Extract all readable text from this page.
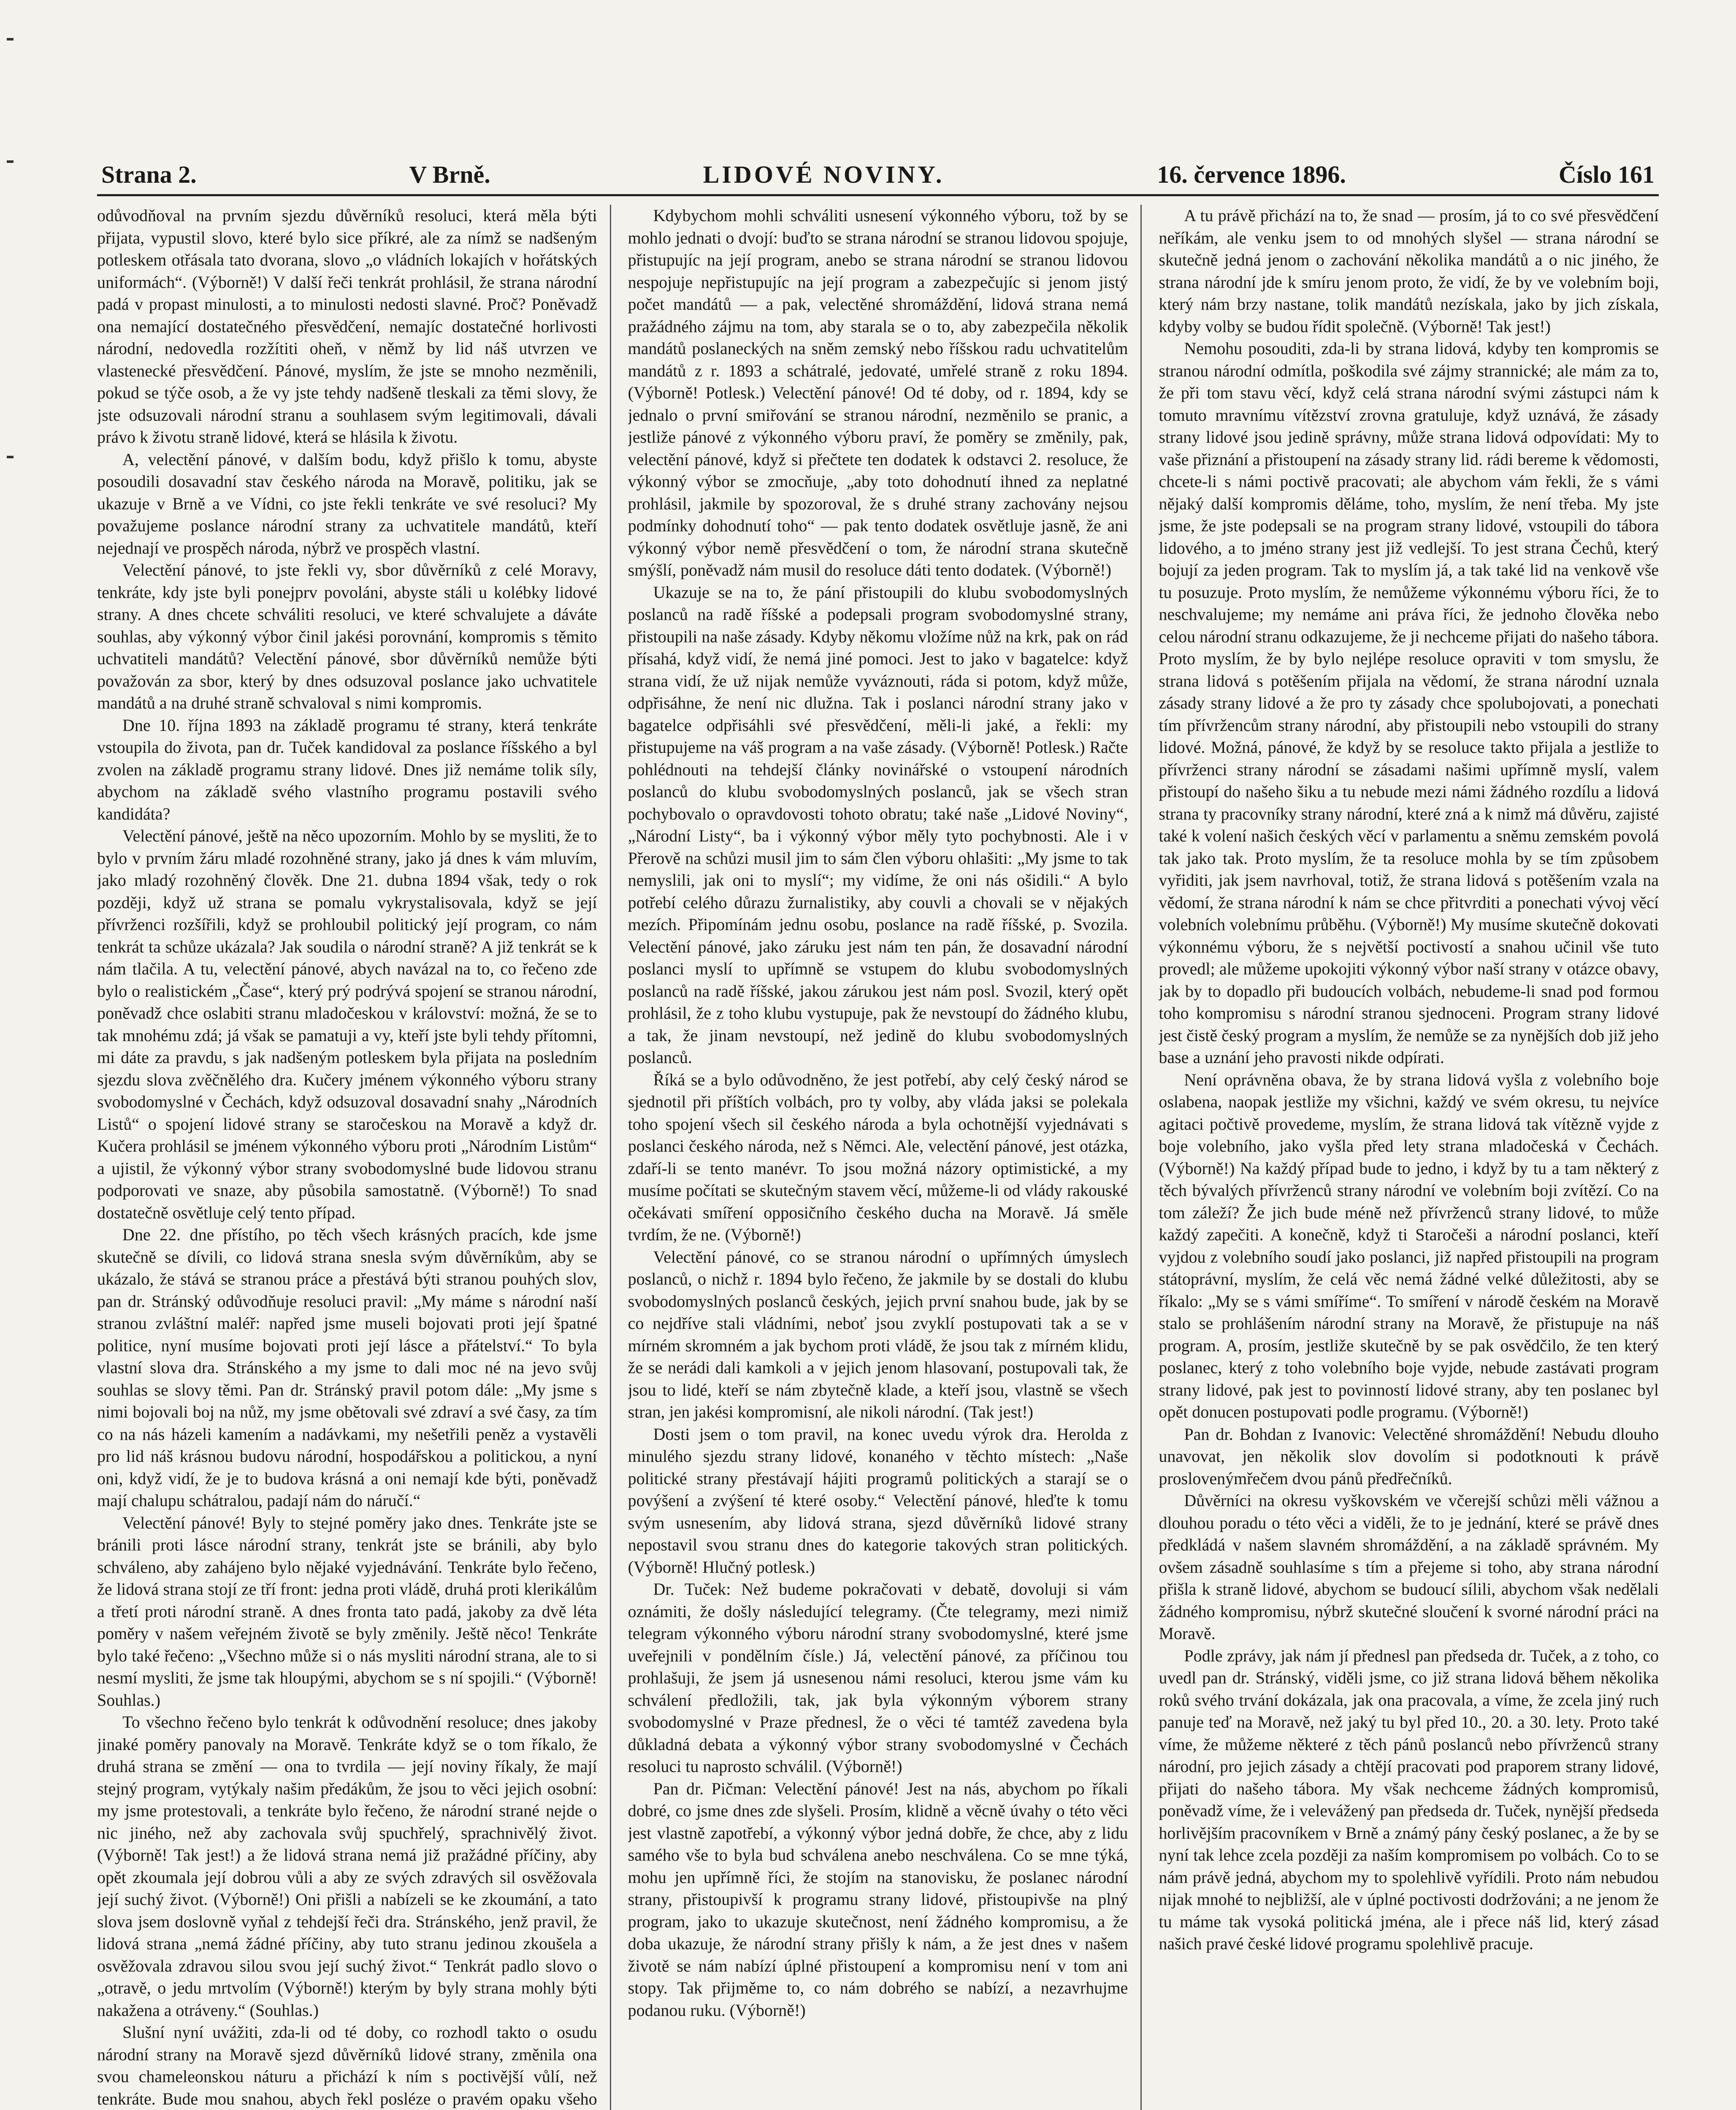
Strana 2.	V Brně.	LIDOVÉ NOVINY.	16. července 1896.	Číslo 161

odůvodňoval na prvním sjezdu důvěrníků resoluci, která měla býti přijata, vypustil slovo, které bylo sice příkré, ale za nímž se nadšeným potleskem otřásala tato dvorana, slovo „o vládních lokajích v hořátských uniformách“. (Výborně!) V další řeči tenkrát prohlásil, že strana národní padá v propast minulosti, a to minulosti nedosti slavné. Proč? Poněvadž ona nemající dostatečného přesvědčení, nemajíc dostatečné horlivosti národní, nedovedla rozžítiti oheň, v němž by lid náš utvrzen ve vlastenecké přesvědčení. Pánové, myslím, že jste se mnoho nezměnili, pokud se týče osob, a že vy jste tehdy nadšeně tleskali za těmi slovy, že jste odsuzovali národní stranu a souhlasem svým legitimovali, dávali právo k životu straně lidové, která se hlásila k životu.

A, velectění pánové, v dalším bodu, když přišlo k tomu, abyste posoudili dosavadní stav českého národa na Moravě, politiku, jak se ukazuje v Brně a ve Vídni, co jste řekli tenkráte ve své resoluci? My považujeme poslance národní strany za uchvatitele mandátů, kteří nejednají ve prospěch národa, nýbrž ve prospěch vlastní.

Velectění pánové, to jste řekli vy, sbor důvěrníků z celé Moravy, tenkráte, kdy jste byli ponejprv povoláni, abyste stáli u kolébky lidové strany. A dnes chcete schváliti resoluci, ve které schvalujete a dáváte souhlas, aby výkonný výbor činil jakési porovnání, kompromis s těmito uchvatiteli mandátů? Velectění pánové, sbor důvěrníků nemůže býti považován za sbor, který by dnes odsuzoval poslance jako uchvatitele mandátů a na druhé straně schvaloval s nimi kompromis.

Dne 10. října 1893 na základě programu té strany, která tenkráte vstoupila do života, pan dr. Tuček kandidoval za poslance říšského a byl zvolen na základě programu strany lidové. Dnes již nemáme tolik síly, abychom na základě svého vlastního programu postavili svého kandidáta?

Velectění pánové, ještě na něco upozorním. Mohlo by se mysliti, že to bylo v prvním žáru mladé rozohněné strany, jako já dnes k vám mluvím, jako mladý rozohněný člověk. Dne 21. dubna 1894 však, tedy o rok později, když už strana se pomalu vykrystalisovala, když se její přívrženci rozšířili, když se prohloubil politický její program, co nám tenkrát ta schůze ukázala? Jak soudila o národní straně? A již tenkrát se k nám tlačila. A tu, velectění pánové, abych navázal na to, co řečeno zde bylo o realistickém „Čase“, který prý podrývá spojení se stranou národní, poněvadž chce oslabiti stranu mladočeskou v království: možná, že se to tak mnohému zdá; já však se pamatuji a vy, kteří jste byli tehdy přítomni, mi dáte za pravdu, s jak nadšeným potleskem byla přijata na posledním sjezdu slova zvěčnělého dra. Kučery jménem výkonného výboru strany svobodomyslné v Čechách, když odsuzoval dosavadní snahy „Národních Listů“ o spojení lidové strany se staročeskou na Moravě a když dr. Kučera prohlásil se jménem výkonného výboru proti „Národním Listům“ a ujistil, že výkonný výbor strany svobodomyslné bude lidovou stranu podporovati ve snaze, aby působila samostatně. (Výborně!) To snad dostatečně osvětluje celý tento případ.

Dne 22. dne přístího, po těch všech krásných pracích, kde jsme skutečně se dívili, co lidová strana snesla svým důvěrníkům, aby se ukázalo, že stává se stranou práce a přestává býti stranou pouhých slov, pan dr. Stránský odůvodňuje resoluci pravil: „My máme s národní naší stranou zvláštní maléř: napřed jsme museli bojovati proti její špatné politice, nyní musíme bojovati proti její lásce a přátelství.“ To byla vlastní slova dra. Stránského a my jsme to dali moc né na jevo svůj souhlas se slovy těmi. Pan dr. Stránský pravil potom dále: „My jsme s nimi bojovali boj na nůž, my jsme obětovali své zdraví a své časy, za tím co na nás házeli kamením a nadávkami, my nešetřili peněz a vystavěli pro lid náš krásnou budovu národní, hospodářskou a politickou, a nyní oni, když vidí, že je to budova krásná a oni nemají kde býti, poněvadž mají chalupu schátralou, padají nám do náručí.“

Velectění pánové! Byly to stejné poměry jako dnes. Tenkráte jste se bránili proti lásce národní strany, tenkrát jste se bránili, aby bylo schváleno, aby zahájeno bylo nějaké vyjednávání. Tenkráte bylo řečeno, že lidová strana stojí ze tří front: jedna proti vládě, druhá proti klerikálům a třetí proti národní straně. A dnes fronta tato padá, jakoby za dvě léta poměry v našem veřejném životě se byly změnily. Ještě něco! Tenkráte bylo také řečeno: „Všechno může si o nás mysliti národní strana, ale to si nesmí mysliti, že jsme tak hloupými, abychom se s ní spojili.“ (Výborně! Souhlas.)

To všechno řečeno bylo tenkrát k odůvodnění resoluce; dnes jakoby jinaké poměry panovaly na Moravě. Tenkráte když se o tom říkalo, že druhá strana se změní — ona to tvrdila — její noviny říkaly, že mají stejný program, vytýkaly našim předákům, že jsou to věci jejich osobní: my jsme protestovali, a tenkráte bylo řečeno, že národní strané nejde o nic jiného, než aby zachovala svůj spuchřelý, sprachnivělý život. (Výborně! Tak jest!) a že lidová strana nemá již pražádné příčiny, aby opět zkoumala její dobrou vůli a aby ze svých zdravých sil osvěžovala její suchý život. (Výborně!) Oni přišli a nabízeli se ke zkoumání, a tato slova jsem doslovně vyňal z tehdejší řeči dra. Stránského, jenž pravil, že lidová strana „nemá žádné příčiny, aby tuto stranu jedinou zkoušela a osvěžovala zdravou silou svou její suchý život.“ Tenkrát padlo slovo o „otravě, o jedu mrtvolím (Výborně!) kterým by byly strana mohly býti nakažena a otráveny.“ (Souhlas.)

Slušní nyní uvážiti, zda-li od té doby, co rozhodl takto o osudu národní strany na Moravě sjezd důvěrníků lidové strany, změnila ona svou chameleonskou náturu a přichází k ním s poctivější vůlí, než tenkráte. Bude mou snahou, abych řekl posléze o pravém opaku všeho

Kdybychom mohli schváliti usnesení výkonného výboru, tož by se mohlo jednati o dvojí: buďto se strana národní se stranou lidovou spojuje, přistupujíc na její program, anebo se strana národní se stranou lidovou nespojuje nepřistupujíc na její program a zabezpečujíc si jenom jistý počet mandátů — a pak, velectěné shromáždění, lidová strana nemá pražádného zájmu na tom, aby starala se o to, aby zabezpečila několik mandátů poslaneckých na sněm zemský nebo říšskou radu uchvatitelům mandátů z r. 1893 a schátralé, jedovaté, umřelé straně z roku 1894. (Výborně! Potlesk.) Velectění pánové! Od té doby, od r. 1894, kdy se jednalo o první smiřování se stranou národní, nezměnilo se pranic, a jestliže pánové z výkonného výboru praví, že poměry se změnily, pak, velectění pánové, když si přečtete ten dodatek k odstavci 2. resoluce, že výkonný výbor se zmocňuje, „aby toto dohodnutí ihned za neplatné prohlásil, jakmile by spozoroval, že s druhé strany zachovány nejsou podmínky dohodnutí toho“ — pak tento dodatek osvětluje jasně, že ani výkonný výbor nemě přesvědčení o tom, že národní strana skutečně smýšlí, poněvadž nám musil do resoluce dáti tento dodatek. (Výborně!)

Ukazuje se na to, že pání přistoupili do klubu svobodomyslných poslanců na radě říšské a podepsali program svobodomyslné strany, přistoupili na naše zásady. Kdyby někomu vložíme nůž na krk, pak on rád přísahá, když vidí, že nemá jiné pomoci. Jest to jako v bagatelce: když strana vidí, že už nijak nemůže vyváznouti, ráda si potom, když může, odpřisáhne, že není nic dlužna. Tak i poslanci národní strany jako v bagatelce odpřisáhli své přesvědčení, měli-li jaké, a řekli: my přistupujeme na váš program a na vaše zásady. (Výborně! Potlesk.) Račte pohlédnouti na tehdejší články novinářské o vstoupení národních poslanců do klubu svobodomyslných poslanců, jak se všech stran pochybovalo o opravdovosti tohoto obratu; také naše „Lidové Noviny“, „Národní Listy“, ba i výkonný výbor měly tyto pochybnosti. Ale i v Přerově na schůzi musil jim to sám člen výboru ohlašiti: „My jsme to tak nemyslili, jak oni to myslí“; my vidíme, že oni nás ošidili.“ A bylo potřebí celého důrazu žurnalistiky, aby couvli a chovali se v nějakých mezích. Připomínám jednu osobu, poslance na radě říšské, p. Svozila. Velectění pánové, jako záruku jest nám ten pán, že dosavadní národní poslanci myslí to upřímně se vstupem do klubu svobodomyslných poslanců na radě říšské, jakou zárukou jest nám posl. Svozil, který opět prohlásil, že z toho klubu vystupuje, pak že nevstoupí do žádného klubu, a tak, že jinam nevstoupí, než jedině do klubu svobodomyslných poslanců.

Říká se a bylo odůvodněno, že jest potřebí, aby celý český národ se sjednotil při příštích volbách, pro ty volby, aby vláda jaksi se polekala toho spojení všech sil českého národa a byla ochotnější vyjednávati s poslanci českého národa, než s Němci. Ale, velectění pánové, jest otázka, zdaří-li se tento manévr. To jsou možná názory optimistické, a my musíme počítati se skutečným stavem věcí, můžeme-li od vlády rakouské očekávati smíření opposičního českého ducha na Moravě. Já směle tvrdím, že ne. (Výborně!)

Velectění pánové, co se stranou národní o upřímných úmyslech poslanců, o nichž r. 1894 bylo řečeno, že jakmile by se dostali do klubu svobodomyslných poslanců českých, jejich první snahou bude, jak by se co nejdříve stali vládními, neboť jsou zvyklí postupovati tak a se v mírném skromném a jak bychom proti vládě, že jsou tak z mírném klidu, že se nerádi dali kamkoli a v jejich jenom hlasovaní, postupovali tak, že jsou to lidé, kteří se nám zbytečně klade, a kteří jsou, vlastně se všech stran, jen jakési kompromisní, ale nikoli národní. (Tak jest!)

Dosti jsem o tom pravil, na konec uvedu výrok dra. Herolda z minulého sjezdu strany lidové, konaného v těchto místech: „Naše politické strany přestávají hájiti programů politických a starají se o povýšení a zvýšení té které osoby.“ Velectění pánové, hleďte k tomu svým usnesením, aby lidová strana, sjezd důvěrníků lidové strany nepostavil svou stranu dnes do kategorie takových stran politických. (Výborně! Hlučný potlesk.)

Dr. Tuček: Než budeme pokračovati v debatě, dovoluji si vám oznámiti, že došly následující telegramy. (Čte telegramy, mezi nimiž telegram výkonného výboru národní strany svobodomyslné, které jsme uveřejnili v pondělním čísle.) Já, velectění pánové, za příčinou tou prohlašuji, že jsem já usnesenou námi resoluci, kterou jsme vám ku schválení předložili, tak, jak byla výkonným výborem strany svobodomyslné v Praze přednesl, že o věci té tamtéž zavedena byla důkladná debata a výkonný výbor strany svobodomyslné v Čechách resoluci tu naprosto schválil. (Výborně!)

Pan dr. Pičman: Velectění pánové! Jest na nás, abychom po říkali dobré, co jsme dnes zde slyšeli. Prosím, klidně a věcně úvahy o této věci jest vlastně zapotřebí, a výkonný výbor jedná dobře, že chce, aby z lidu samého vše to byla bud schválena anebo neschválena. Co se mne týká, mohu jen upřímně říci, že stojím na stanovisku, že poslanec národní strany, přistoupivší k programu strany lidové, přistoupivše na plný program, jako to ukazuje skutečnost, není žádného kompromisu, a že doba ukazuje, že národní strany přišly k nám, a že jest dnes v našem životě se nám nabízí úplné přistoupení a kompromisu není v tom ani stopy. Tak přijměme to, co nám dobrého se nabízí, a nezavrhujme podanou ruku. (Výborně!)

A tu právě přichází na to, že snad — prosím, já to co své přesvědčení neříkám, ale venku jsem to od mnohých slyšel — strana národní se skutečně jedná jenom o zachování několika mandátů a o nic jiného, že strana národní jde k smíru jenom proto, že vidí, že by ve volebním boji, který nám brzy nastane, tolik mandátů nezískala, jako by jich získala, kdyby volby se budou řídit společně. (Výborně! Tak jest!)

Nemohu posouditi, zda-li by strana lidová, kdyby ten kompromis se stranou národní odmítla, poškodila své zájmy strannické; ale mám za to, že při tom stavu věcí, když celá strana národní svými zástupci nám k tomuto mravnímu vítězství zrovna gratuluje, když uznává, že zásady strany lidové jsou jedině správny, může strana lidová odpovídati: My to vaše přiznání a přistoupení na zásady strany lid. rádi bereme k vědomosti, chcete-li s námi poctivě pracovati; ale abychom vám řekli, že s vámi nějaký další kompromis děláme, toho, myslím, že není třeba. My jste jsme, že jste podepsali se na program strany lidové, vstoupili do tábora lidového, a to jméno strany jest již vedlejší. To jest strana Čechů, který bojují za jeden program. Tak to myslím já, a tak také lid na venkově vše tu posuzuje. Proto myslím, že nemůžeme výkonnému výboru říci, že to neschvalujeme; my nemáme ani práva říci, že jednoho člověka nebo celou národní stranu odkazujeme, že ji nechceme přijati do našeho tábora. Proto myslím, že by bylo nejlépe resoluce opraviti v tom smyslu, že strana lidová s potěšením přijala na vědomí, že strana národní uznala zásady strany lidové a že pro ty zásady chce spolubojovati, a ponechati tím přívržencům strany národní, aby přistoupili nebo vstoupili do strany lidové. Možná, pánové, že když by se resoluce takto přijala a jestliže to přívrženci strany národní se zásadami našimi upřímně myslí, valem přistoupí do našeho šiku a tu nebude mezi námi žádného rozdílu a lidová strana ty pracovníky strany národní, které zná a k nimž má důvěru, zajisté také k volení našich českých věcí v parlamentu a sněmu zemském povolá tak jako tak. Proto myslím, že ta resoluce mohla by se tím způsobem vyřiditi, jak jsem navrhoval, totiž, že strana lidová s potěšením vzala na vědomí, že strana národní k nám se chce přitvrditi a ponechati vývoj věcí volebních volebnímu průběhu. (Výborně!) My musíme skutečně dokovati výkonnému výboru, že s největší poctivostí a snahou učinil vše tuto provedl; ale můžeme upokojiti výkonný výbor naší strany v otázce obavy, jak by to dopadlo při budoucích volbách, nebudeme-li snad pod formou toho kompromisu s národní stranou sjednoceni. Program strany lidové jest čistě český program a myslím, že nemůže se za nynějších dob již jeho base a uznání jeho pravosti nikde odpírati.

Není oprávněna obava, že by strana lidová vyšla z volebního boje oslabena, naopak jestliže my všichni, každý ve svém okresu, tu nejvíce agitaci počtivě provedeme, myslím, že strana lidová tak vítězně vyjde z boje volebního, jako vyšla před lety strana mladočeská v Čechách. (Výborně!) Na každý případ bude to jedno, i když by tu a tam některý z těch bývalých přívrženců strany národní ve volebním boji zvítězí. Co na tom záleží? Že jich bude méně než přívrženců strany lidové, to může každý zapečiti. A konečně, když ti Staročeši a národní poslanci, kteří vyjdou z volebního soudí jako poslanci, již napřed přistoupili na program státoprávní, myslím, že celá věc nemá žádné velké důležitosti, aby se říkalo: „My se s vámi smíříme“. To smíření v národě českém na Moravě stalo se prohlášením národní strany na Moravě, že přistupuje na náš program. A, prosím, jestliže skutečně by se pak osvědčilo, že ten který poslanec, který z toho volebního boje vyjde, nebude zastávati program strany lidové, pak jest to povinností lidové strany, aby ten poslanec byl opět donucen postupovati podle programu. (Výborně!)

Pan dr. Bohdan z Ivanovic: Velectěné shromáždění! Nebudu dlouho unavovat, jen několik slov dovolím si podotknouti k právě proslovenýmřečem dvou pánů předřečníků.

Důvěrníci na okresu vyškovském ve včerejší schůzi měli vážnou a dlouhou poradu o této věci a viděli, že to je jednání, které se právě dnes předkládá v našem slavném shromáždění, a na základě správném. My ovšem zásadně souhlasíme s tím a přejeme si toho, aby strana národní přišla k straně lidové, abychom se budoucí sílili, abychom však nedělali žádného kompromisu, nýbrž skutečné sloučení k svorné národní práci na Moravě.

Podle zprávy, jak nám jí přednesl pan předseda dr. Tuček, a z toho, co uvedl pan dr. Stránský, viděli jsme, co již strana lidová během několika roků svého trvání dokázala, jak ona pracovala, a víme, že zcela jiný ruch panuje teď na Moravě, než jaký tu byl před 10., 20. a 30. lety. Proto také víme, že můžeme některé z těch pánů poslanců nebo přívrženců strany národní, pro jejich zásady a chtějí pracovati pod praporem strany lidové, přijati do našeho tábora. My však nechceme žádných kompromisů, poněvadž víme, že i velevážený pan předseda dr. Tuček, nynější předseda horlivějším pracovníkem v Brně a známý pány český poslanec, a že by se nyní tak lehce zcela později za naším kompromisem po volbách. Co to se nám právě jedná, abychom my to spolehlivě vyřídili. Proto nám nebudou nijak mnohé to nejbližší, ale v úplné poctivosti dodržováni; a ne jenom že tu máme tak vysoká politická jména, ale i přece náš lid, který zásad našich pravé české lidové programu spolehlivě pracuje.
